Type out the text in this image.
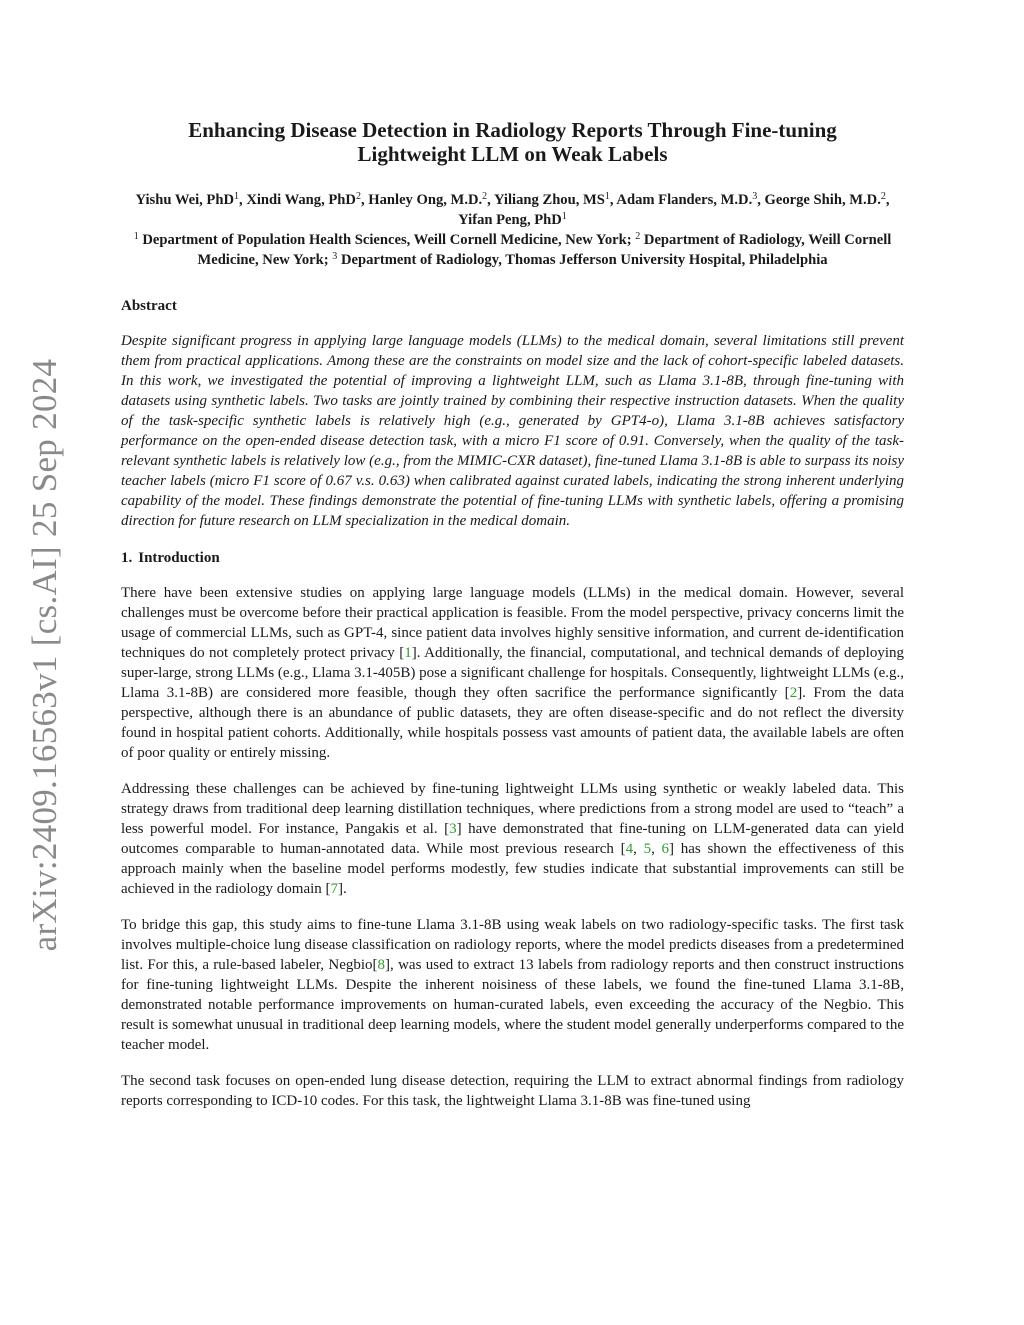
arXiv:2409.16563v1 [cs.AI] 25 Sep 2024
Enhancing Disease Detection in Radiology Reports Through Fine-tuning
Lightweight LLM on Weak Labels
Yishu Wei, PhD$^1$, Xindi Wang, PhD$^2$, Hanley Ong, M.D.$^2$, Yiliang Zhou, $MS^1$, Adam Flanders, M.D.$^3$, George Shih, M.D.$^2$, Yifan Peng, PhD$^1$
$^1$ Department of Population Health Sciences, Weill Cornell Medicine, New York; $^2$ Department of Radiology, Weill Cornell Medicine, New York; $^3$ Department of Radiology, Thomas Jefferson University Hospital, Philadelphia
Abstract
Despite significant progress in applying large language models (LLMs) to the medical domain, several limitations still prevent them from practical applications. Among these are the constraints on model size and the lack of cohort-specific labeled datasets. In this work, we investigated the potential of improving a lightweight LLM, such as Llama 3.1-8B, through fine-tuning with datasets using synthetic labels. Two tasks are jointly trained by combining their respective instruction datasets. When the quality of the task-specific synthetic labels is relatively high (e.g., generated by GPT4-o), Llama 3.1-8B achieves satisfactory performance on the open-ended disease detection task, with a micro F1 score of 0.91. Conversely, when the quality of the task-relevant synthetic labels is relatively low (e.g., from the MIMIC-CXR dataset), fine-tuned Llama 3.1-8B is able to surpass its noisy teacher labels (micro F1 score of 0.67 v.s. 0.63) when calibrated against curated labels, indicating the strong inherent underlying capability of the model. These findings demonstrate the potential of fine-tuning LLMs with synthetic labels, offering a promising direction for future research on LLM specialization in the medical domain.
1. Introduction
There have been extensive studies on applying large language models (LLMs) in the medical domain. However, several challenges must be overcome before their practical application is feasible. From the model perspective, privacy concerns limit the usage of commercial LLMs, such as GPT-4, since patient data involves highly sensitive information, and current de-identification techniques do not completely protect privacy [1]. Additionally, the financial, computational, and technical demands of deploying super-large, strong LLMs (e.g., Llama 3.1-405B) pose a significant challenge for hospitals. Consequently, lightweight LLMs (e.g., Llama 3.1-8B) are considered more feasible, though they often sacrifice the performance significantly [2]. From the data perspective, although there is an abundance of public datasets, they are often disease-specific and do not reflect the diversity found in hospital patient cohorts. Additionally, while hospitals possess vast amounts of patient data, the available labels are often of poor quality or entirely missing.
Addressing these challenges can be achieved by fine-tuning lightweight LLMs using synthetic or weakly labeled data. This strategy draws from traditional deep learning distillation techniques, where predictions from a strong model are used to “teach” a less powerful model. For instance, Pangakis et al. [3] have demonstrated that fine-tuning on LLM-generated data can yield outcomes comparable to human-annotated data. While most previous research [4, 5, 6] has shown the effectiveness of this approach mainly when the baseline model performs modestly, few studies indicate that substantial improvements can still be achieved in the radiology domain [7].
To bridge this gap, this study aims to fine-tune Llama 3.1-8B using weak labels on two radiology-specific tasks. The first task involves multiple-choice lung disease classification on radiology reports, where the model predicts diseases from a predetermined list. For this, a rule-based labeler, Negbio[8], was used to extract 13 labels from radiology reports and then construct instructions for fine-tuning lightweight LLMs. Despite the inherent noisiness of these labels, we found the fine-tuned Llama 3.1-8B, demonstrated notable performance improvements on human-curated labels, even exceeding the accuracy of the Negbio. This result is somewhat unusual in traditional deep learning models, where the student model generally underperforms compared to the teacher model.
The second task focuses on open-ended lung disease detection, requiring the LLM to extract abnormal findings from radiology reports corresponding to ICD-10 codes. For this task, the lightweight Llama 3.1-8B was fine-tuned using
